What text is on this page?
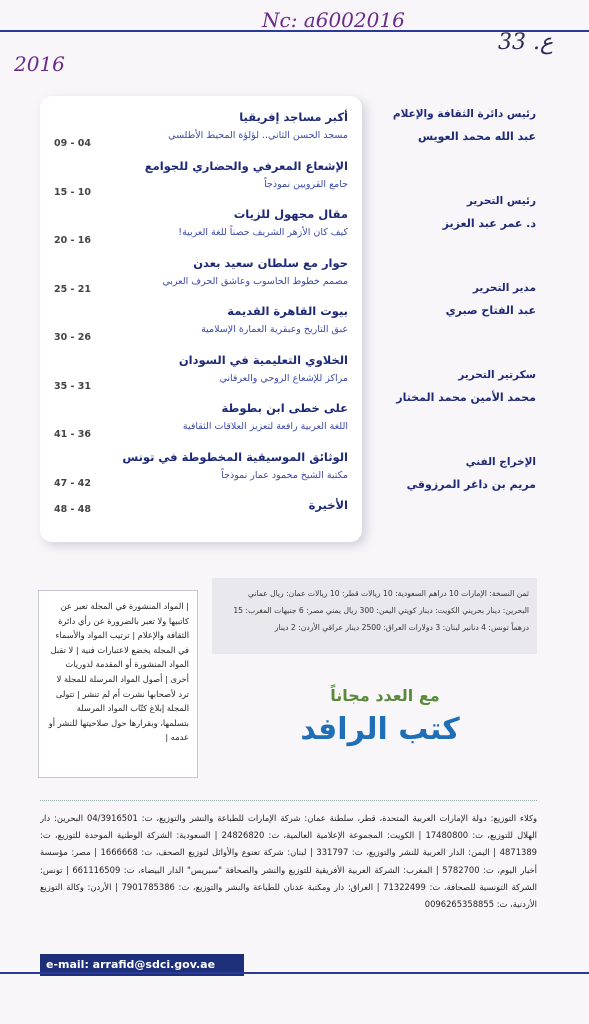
Nc: a6002016
2016
ع. 33
أكبر مساجد إفريقيا
مسجد الحسن الثاني.. لؤلؤة المحيط الأطلسي
09 - 04
الإشعاع المعرفي والحضاري للجوامع
جامع القرويين نموذجاً
15 - 10
مقال مجهول للزيات
كيف كان الأزهر الشريف حصناً للغة العربية!
20 - 16
حوار مع سلطان سعيد بعدن
مصمم خطوط الحاسوب وعاشق الحرف العربي
25 - 21
بيوت القاهرة القديمة
عبق التاريخ وعبقرية العمارة الإسلامية
30 - 26
الخلاوي التعليمية في السودان
مراكز للإشعاع الروحي والعرفاني
35 - 31
على خطى ابن بطوطة
اللغة العربية رافعة لتعزيز العلاقات الثقافية
41 - 36
الوثائق الموسيقية المخطوطة في تونس
مكتبة الشيخ محمود عمار نموذجاً
47 - 42
الأخيرة
48 - 48
رئيس دائرة الثقافة والإعلام
عبد الله محمد العويس
رئيس التحرير
د. عمر عبد العزيز
مدير التحرير
عبد الفتاح صبري
سكرتير التحرير
محمد الأمين محمد المختار
الإخراج الفني
مريم بن داغر المرزوقي
| المواد المنشورة في المجلة تعبر عن كاتبيها ولا تعبر بالضرورة عن رأي دائرة الثقافة والإعلام | ترتيب المواد والأسماء في المجلة يخضع لاعتبارات فنية | لا تقبل المواد المنشورة أو المقدمة لدوريات أخرى | أصول المواد المرسلة للمجلة لا ترد لأصحابها نشرت أم لم تنشر | تتولى المجلة إبلاغ كتّاب المواد المرسلة بتسلمها، وبقرارها حول صلاحيتها للنشر أو عدمه |
ثمن النسخة: الإمارات 10 دراهم السعودية: 10 ريالات قطر: 10 ريالات عمان: ريال عماني البحرين: دينار بحريني الكويت: دينار كويتي اليمن: 300 ريال يمني مصر: 6 جنيهات المغرب: 15 درهماً تونس: 4 دنانير لبنان: 3 دولارات العراق: 2500 دينار عراقي الأردن: 2 دينار
مع العدد مجاناً
كتب الرافد
وكلاء التوزيع: دولة الإمارات العربية المتحدة، قطر، سلطنة عمان: شركة الإمارات للطباعة والنشر والتوزيع، ت: 04/3916501 البحرين: دار الهلال للتوزيع، ت: 17480800 | الكويت: المجموعة الإعلامية العالمية، ت: 24826820 | السعودية: الشركة الوطنية الموحدة للتوزيع، ت: 4871389 | اليمن: الدار العربية للنشر والتوزيع، ت: 331797 | لبنان: شركة تعنوع والأوائل لتوزيع الصحف، ت: 1666668 | مصر: مؤسسة أخبار اليوم، ت: 5782700 | المغرب: الشركة العربية الأفريقية للتوزيع والنشر والصحافة "سبريس" الدار البيضاء، ت: 661116509 | تونس: الشركة التونسية للصحافة، ت: 71322499 | العراق: دار ومكتبة عدنان للطباعة والنشر والتوزيع، ت: 7901785386 | الأردن: وكالة التوزيع الأردنية، ت: 0096265358855
e-mail: arrafid@sdci.gov.ae
